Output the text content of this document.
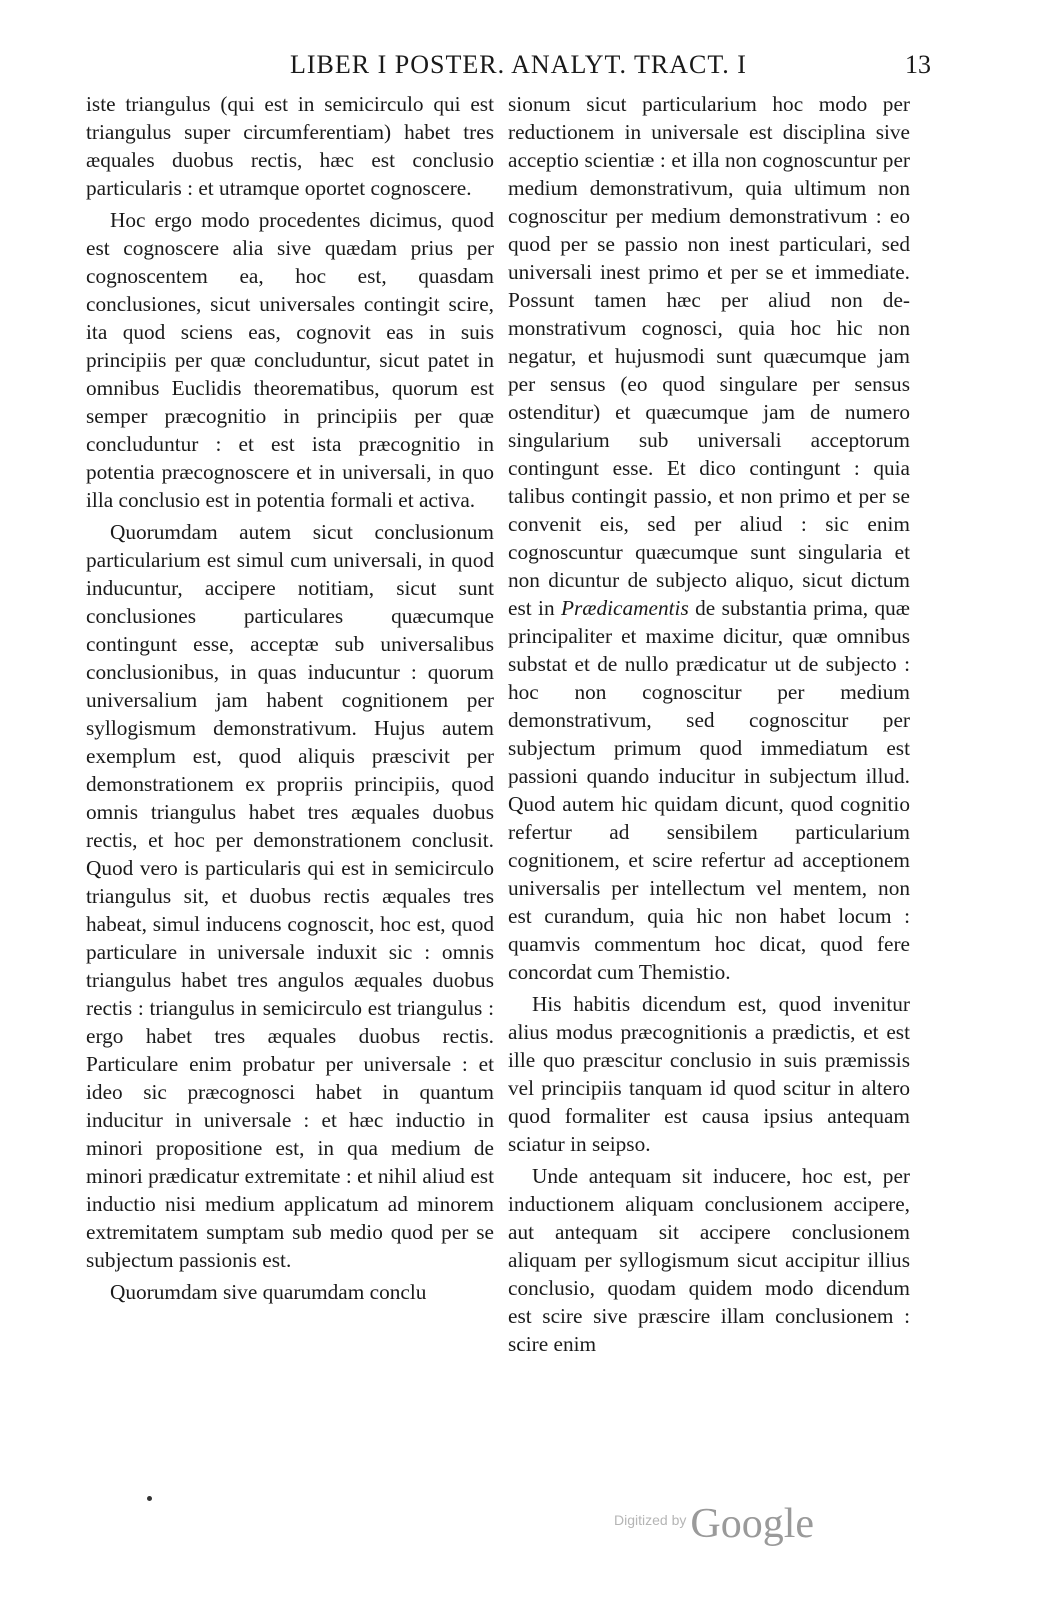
LIBER I POSTER. ANALYT. TRACT. I	13

iste triangulus (qui est in semicirculo qui est triangulus super circumferentiam) habet tres æquales duobus rectis, hæc est conclusio particularis : et utramque oportet cognoscere.

Hoc ergo modo procedentes dicimus, quod est cognoscere alia sive quædam prius per cognoscentem ea, hoc est, quasdam conclusiones, sicut universales contingit scire, ita quod sciens eas, cognovit eas in suis principiis per quæ concluduntur, sicut patet in omnibus Euclidis theorematibus, quorum est semper præcognitio in principiis per quæ concluduntur : et est ista præcognitio in potentia præcognoscere et in universali, in quo illa conclusio est in potentia formali et activa.

Quorumdam autem sicut conclusionum particularium est simul cum universali, in quod inducuntur, accipere notitiam, sicut sunt conclusiones particulares quæcumque contingunt esse, acceptæ sub universalibus conclusionibus, in quas inducuntur : quorum universalium jam habent cognitionem per syllogismum demonstrativum. Hujus autem exemplum est, quod aliquis præscivit per demonstrationem ex propriis principiis, quod omnis triangulus habet tres æquales duobus rectis, et hoc per demonstrationem conclusit. Quod vero is particularis qui est in semicirculo triangulus sit, et duobus rectis æquales tres habeat, simul inducens cognoscit, hoc est, quod particulare in universale induxit sic : omnis triangulus habet tres angulos æquales duobus rectis : triangulus in semicirculo est triangulus : ergo habet tres æquales duobus rectis. Particulare enim probatur per universale : et ideo sic præcognosci habet in quantum inducitur in universale : et hæc inductio in minori propositione est, in qua medium de minori prædicatur extremitate : et nihil aliud est inductio nisi medium applicatum ad minorem extremitatem sumptam sub medio quod per se subjectum passionis est.

Quorumdam sive quarumdam conclu

sionum sicut particularium hoc modo per reductionem in universale est disciplina sive acceptio scientiæ : et illa non cognoscuntur per medium demonstrativum, quia ultimum non cognoscitur per medium demonstrativum : eo quod per se passio non inest particulari, sed universali inest primo et per se et immediate. Possunt tamen hæc per aliud non demonstrativum cognosci, quia hoc hic non negatur, et hujusmodi sunt quæcumque jam per sensus (eo quod singulare per sensus ostenditur) et quæcumque jam de numero singularium sub universali acceptorum contingunt esse. Et dico contingunt : quia talibus contingit passio, et non primo et per se convenit eis, sed per aliud : sic enim cognoscuntur quæcumque sunt singularia et non dicuntur de subjecto aliquo, sicut dictum est in Prædicamentis de substantia prima, quæ principaliter et maxime dicitur, quæ omnibus substat et de nullo prædicatur ut de subjecto : hoc non cognoscitur per medium demonstrativum, sed cognoscitur per subjectum primum quod immediatum est passioni quando inducitur in subjectum illud. Quod autem hic quidam dicunt, quod cognitio refertur ad sensibilem particularium cognitionem, et scire refertur ad acceptionem universalis per intellectum vel mentem, non est curandum, quia hic non habet locum : quamvis commentum hoc dicat, quod fere concordat cum Themistio.

His habitis dicendum est, quod invenitur alius modus præcognitionis a prædictis, et est ille quo præscitur conclusio in suis præmissis vel principiis tanquam id quod scitur in altero quod formaliter est causa ipsius antequam sciatur in seipso.

Unde antequam sit inducere, hoc est, per inductionem aliquam conclusionem accipere, aut antequam sit accipere conclusionem aliquam per syllogismum sicut accipitur illius conclusio, quodam quidem modo dicendum est scire sive præscire illam conclusionem : scire enim

Digitized by Google
